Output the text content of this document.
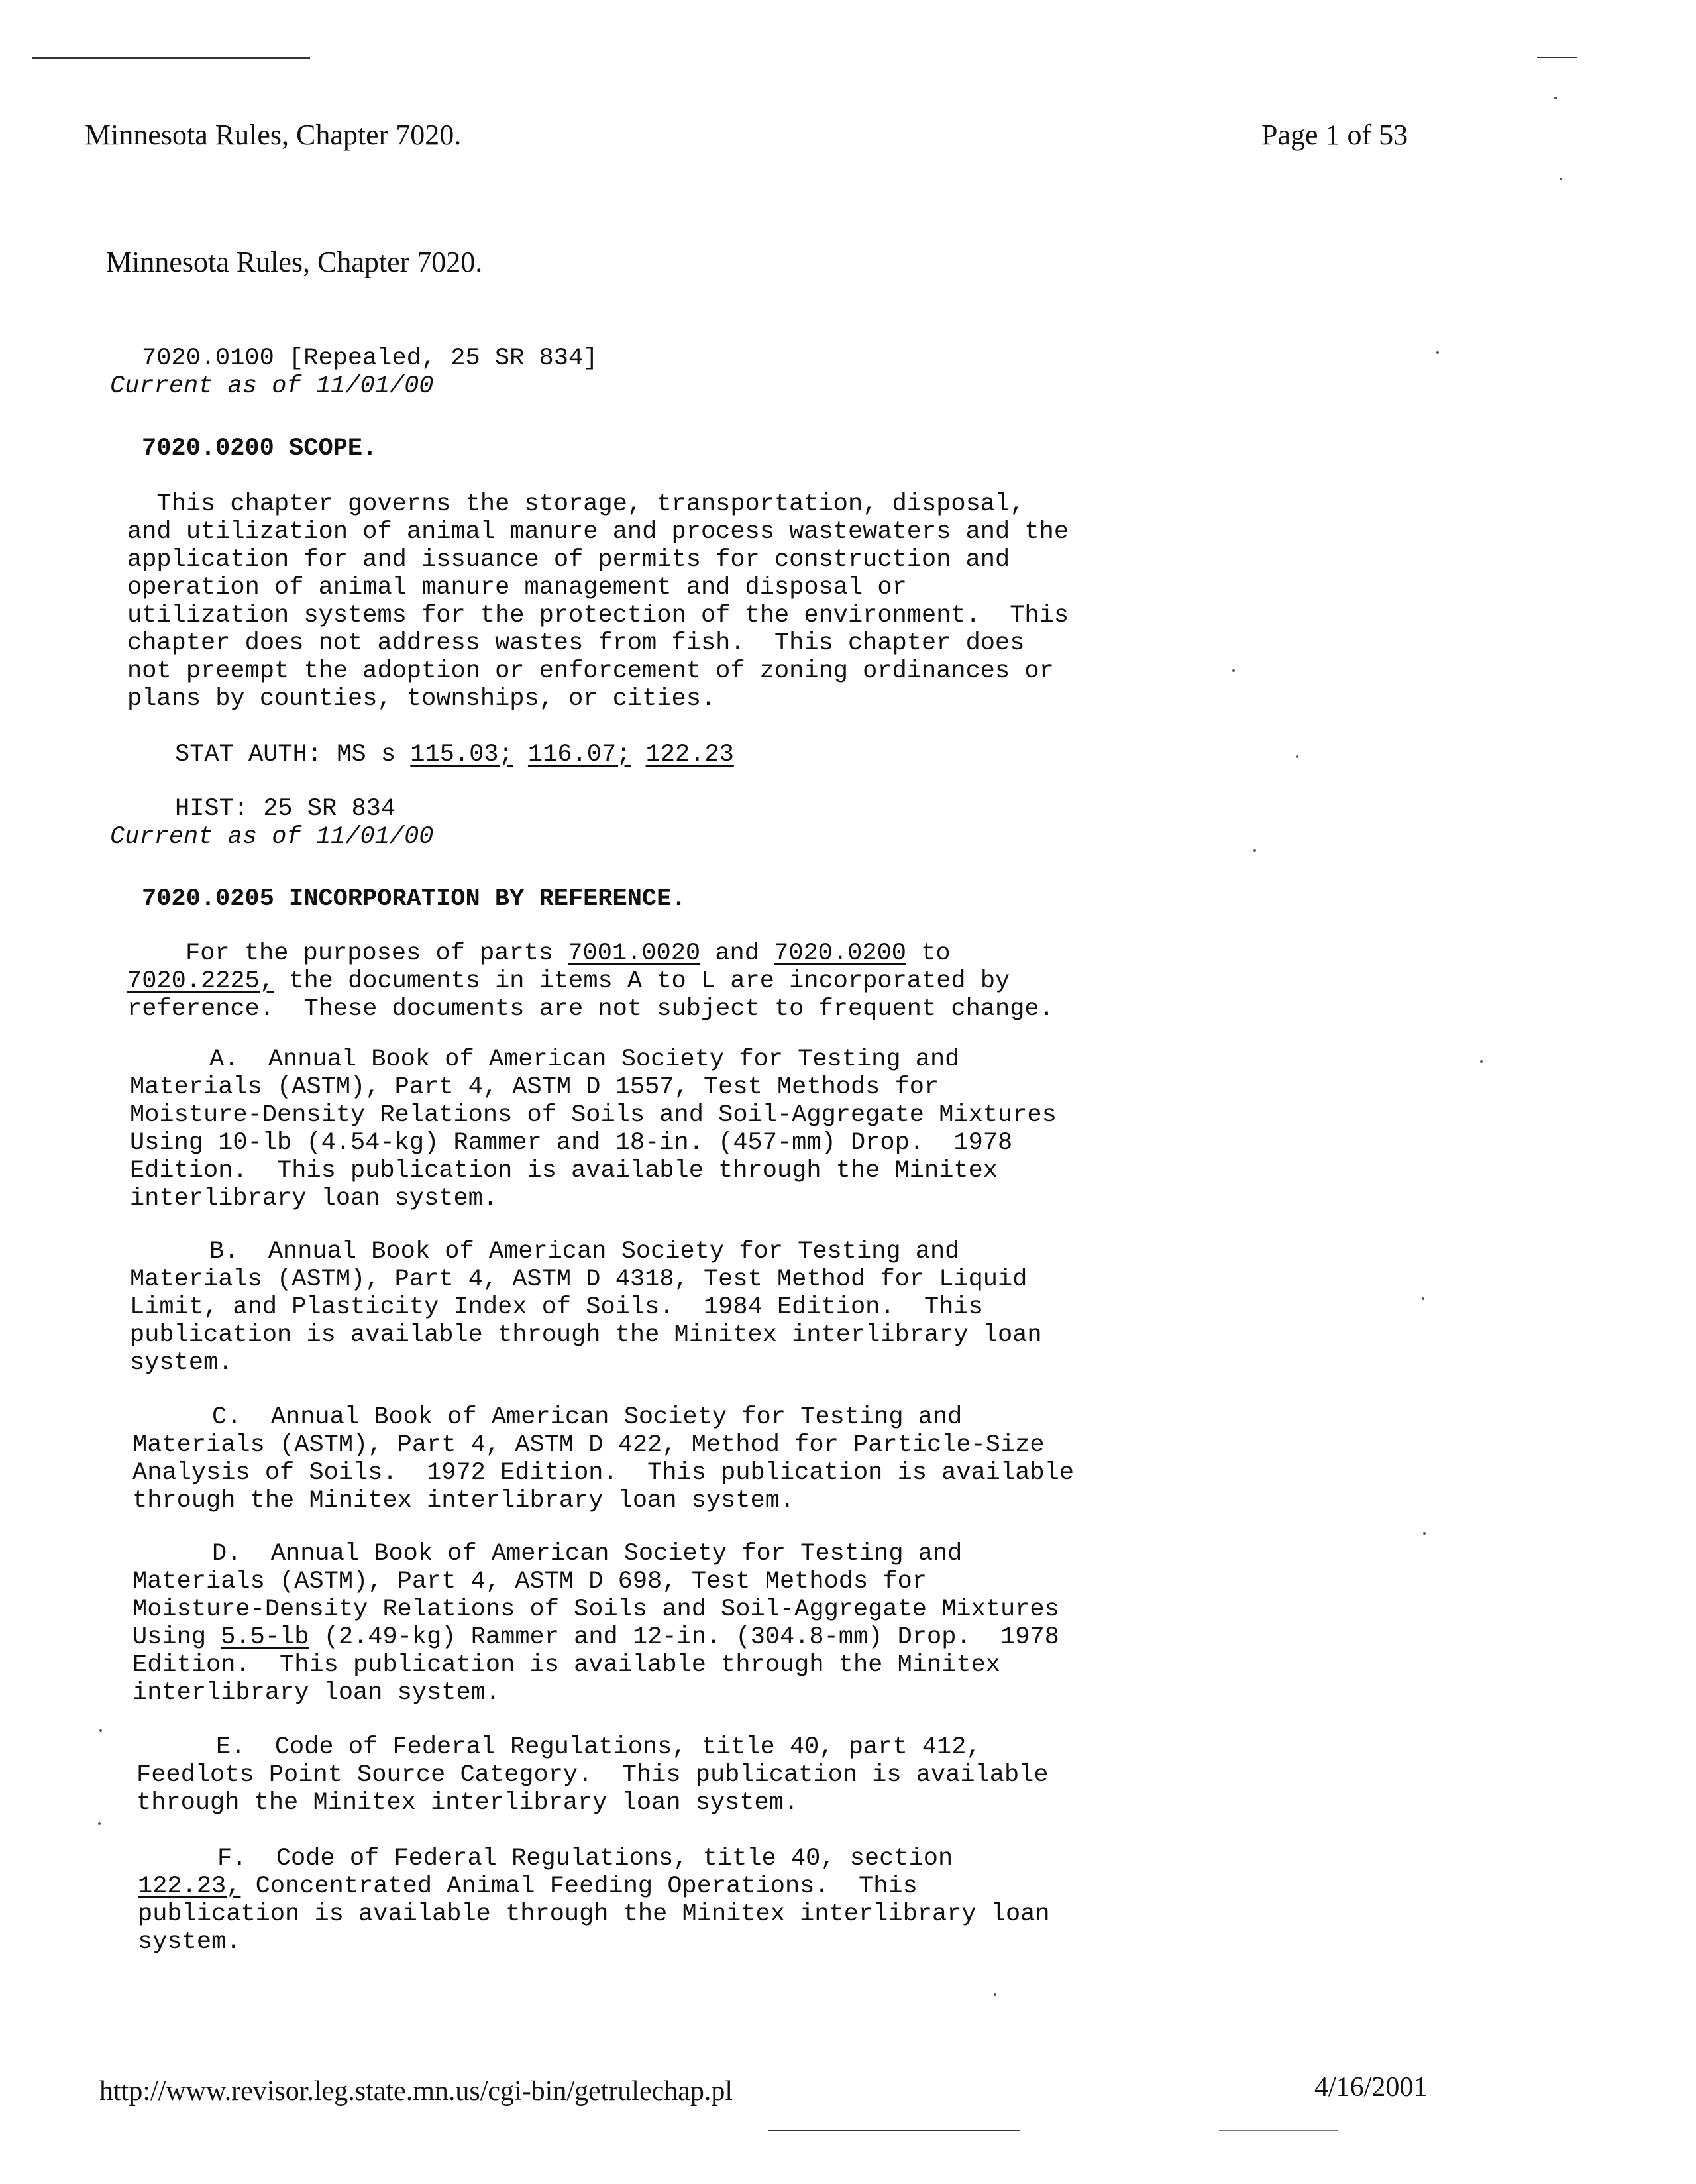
Minnesota Rules, Chapter 7020.	Page 1 of 53
Minnesota Rules, Chapter 7020.
7020.0100 [Repealed, 25 SR 834]
Current as of 11/01/00
7020.0200 SCOPE.
This chapter governs the storage, transportation, disposal,
and utilization of animal manure and process wastewaters and the
application for and issuance of permits for construction and
operation of animal manure management and disposal or
utilization systems for the protection of the environment.  This
chapter does not address wastes from fish.  This chapter does
not preempt the adoption or enforcement of zoning ordinances or
plans by counties, townships, or cities.
STAT AUTH: MS s 115.03; 116.07; 122.23
HIST: 25 SR 834
Current as of 11/01/00
7020.0205 INCORPORATION BY REFERENCE.
For the purposes of parts 7001.0020 and 7020.0200 to
7020.2225, the documents in items A to L are incorporated by
reference.  These documents are not subject to frequent change.
A.  Annual Book of American Society for Testing and
Materials (ASTM), Part 4, ASTM D 1557, Test Methods for
Moisture-Density Relations of Soils and Soil-Aggregate Mixtures
Using 10-lb (4.54-kg) Rammer and 18-in. (457-mm) Drop.  1978
Edition.  This publication is available through the Minitex
interlibrary loan system.
B.  Annual Book of American Society for Testing and
Materials (ASTM), Part 4, ASTM D 4318, Test Method for Liquid
Limit, and Plasticity Index of Soils.  1984 Edition.  This
publication is available through the Minitex interlibrary loan
system.
C.  Annual Book of American Society for Testing and
Materials (ASTM), Part 4, ASTM D 422, Method for Particle-Size
Analysis of Soils.  1972 Edition.  This publication is available
through the Minitex interlibrary loan system.
D.  Annual Book of American Society for Testing and
Materials (ASTM), Part 4, ASTM D 698, Test Methods for
Moisture-Density Relations of Soils and Soil-Aggregate Mixtures
Using 5.5-lb (2.49-kg) Rammer and 12-in. (304.8-mm) Drop.  1978
Edition.  This publication is available through the Minitex
interlibrary loan system.
E.  Code of Federal Regulations, title 40, part 412,
Feedlots Point Source Category.  This publication is available
through the Minitex interlibrary loan system.
F.  Code of Federal Regulations, title 40, section
122.23, Concentrated Animal Feeding Operations.  This
publication is available through the Minitex interlibrary loan
system.
http://www.revisor.leg.state.mn.us/cgi-bin/getrulechap.pl	4/16/2001
